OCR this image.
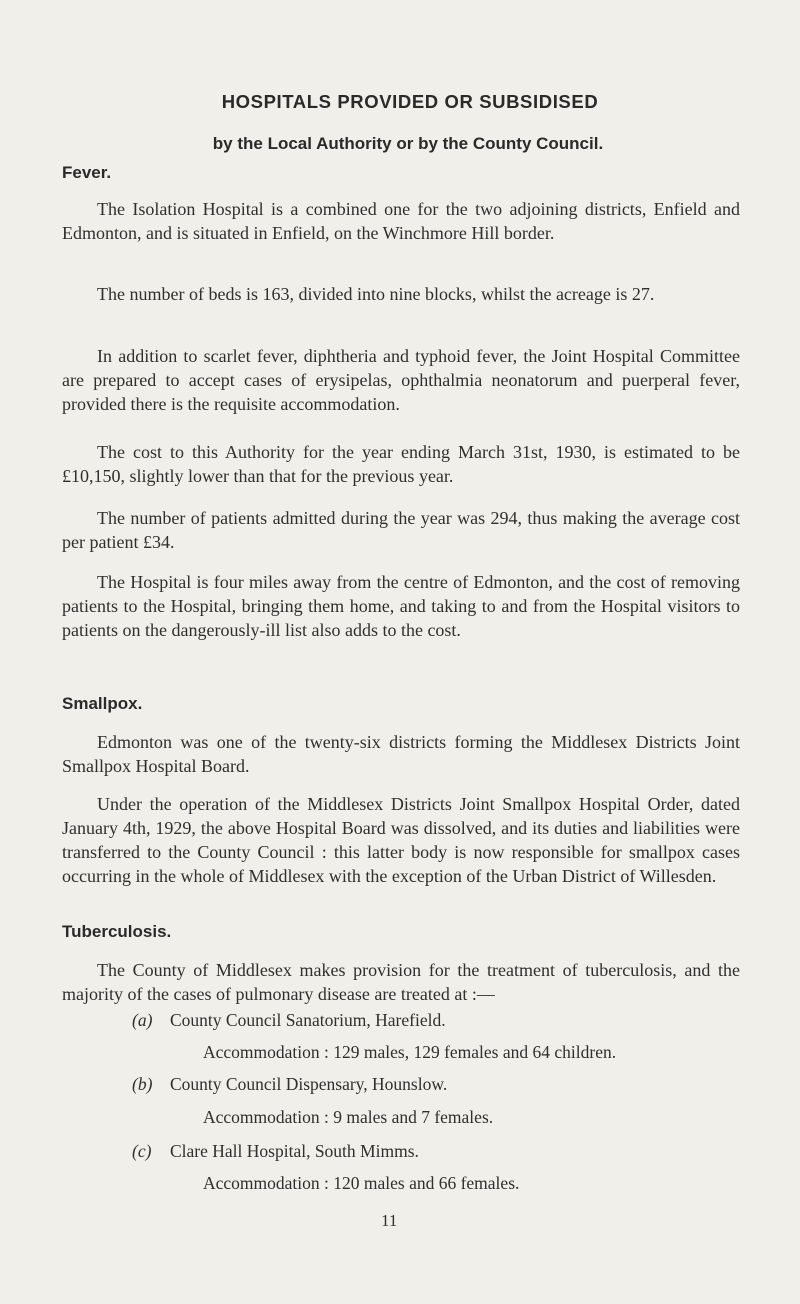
HOSPITALS PROVIDED OR SUBSIDISED
by the Local Authority or by the County Council.
Fever.
The Isolation Hospital is a combined one for the two adjoining districts, Enfield and Edmonton, and is situated in Enfield, on the Winchmore Hill border.
The number of beds is 163, divided into nine blocks, whilst the acreage is 27.
In addition to scarlet fever, diphtheria and typhoid fever, the Joint Hospital Committee are prepared to accept cases of erysipelas, ophthalmia neonatorum and puerperal fever, provided there is the requisite accommodation.
The cost to this Authority for the year ending March 31st, 1930, is estimated to be £10,150, slightly lower than that for the previous year.
The number of patients admitted during the year was 294, thus making the average cost per patient £34.
The Hospital is four miles away from the centre of Edmonton, and the cost of removing patients to the Hospital, bringing them home, and taking to and from the Hospital visitors to patients on the dangerously-ill list also adds to the cost.
Smallpox.
Edmonton was one of the twenty-six districts forming the Middlesex Districts Joint Smallpox Hospital Board.
Under the operation of the Middlesex Districts Joint Smallpox Hospital Order, dated January 4th, 1929, the above Hospital Board was dissolved, and its duties and liabilities were transferred to the County Council : this latter body is now responsible for smallpox cases occurring in the whole of Middlesex with the exception of the Urban District of Willesden.
Tuberculosis.
The County of Middlesex makes provision for the treatment of tuberculosis, and the majority of the cases of pulmonary disease are treated at :—
(a) County Council Sanatorium, Harefield.
Accommodation : 129 males, 129 females and 64 children.
(b) County Council Dispensary, Hounslow.
Accommodation : 9 males and 7 females.
(c) Clare Hall Hospital, South Mimms.
Accommodation : 120 males and 66 females.
11
